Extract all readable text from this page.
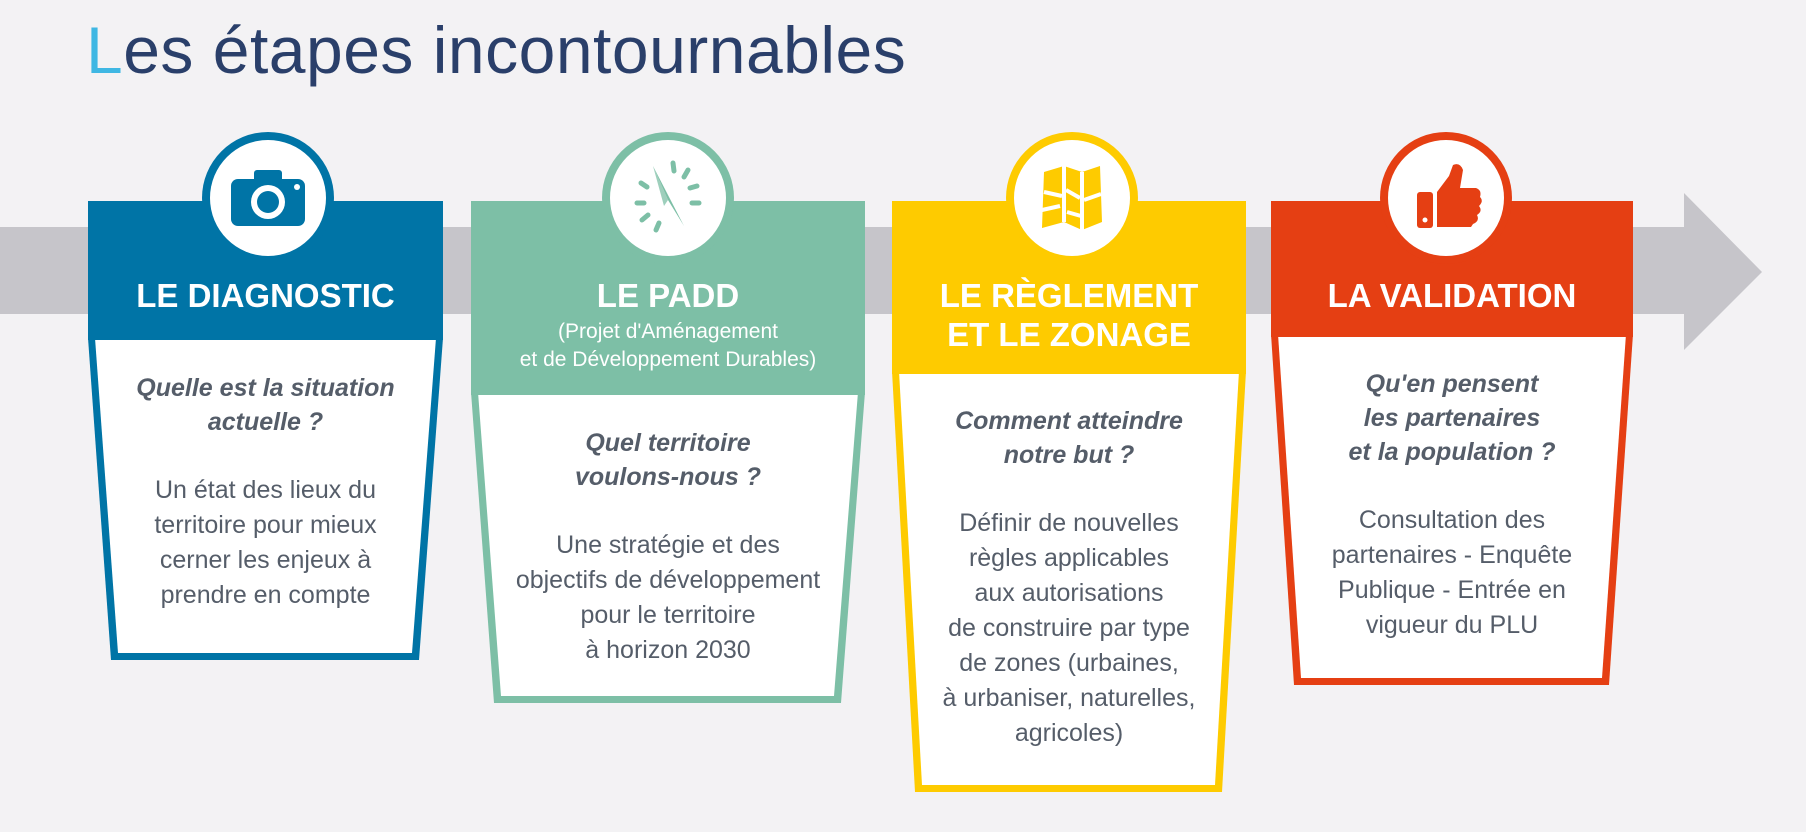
Les étapes incontournables
LE DIAGNOSTIC
Quelle est la situation
actuelle ?
Un état des lieux du
territoire pour mieux
cerner les enjeux à
prendre en compte
LE PADD
(Projet d'Aménagement
et de Développement Durables)
Quel territoire
voulons-nous ?
Une stratégie et des
objectifs de développement
pour le territoire
à horizon 2030
LE RÈGLEMENT
ET LE ZONAGE
Comment atteindre
notre but ?
Définir de nouvelles
règles applicables
aux autorisations
de construire par type
de zones (urbaines,
à urbaniser, naturelles,
agricoles)
LA VALIDATION
Qu'en pensent
les partenaires
et la population ?
Consultation des
partenaires - Enquête
Publique - Entrée en
vigueur du PLU
